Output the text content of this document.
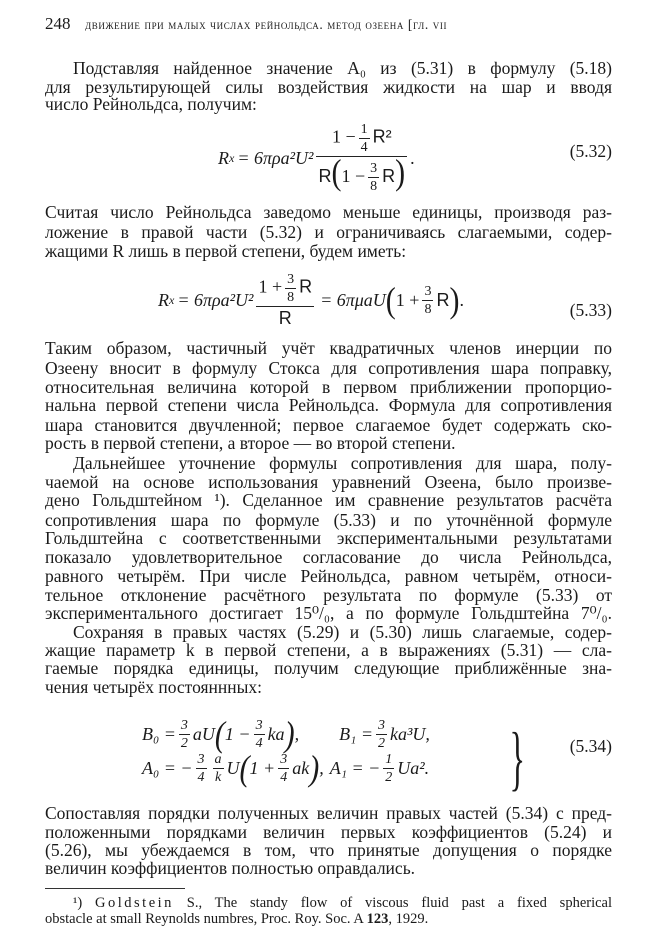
248 движение при малых числах рейнольдса. метод озеена [гл. vii
Подставляя найденное значение A₀ из (5.31) в формулу (5.18)
для результирующей силы воздействия жидкости на шар и вводя
число Рейнольдса, получим:
R $x = 6\pi\rho a^2U^2 \frac{1 - \frac{1}{4} R^2}{R(1 - \frac{3}{8} R)}$ .	(5.32)
Считая число Рейнольдса заведомо меньше единицы, производя раз-
ложение в правой части (5.32) и ограничиваясь слагаемыми, содер-
жащими R лишь в первой степени, будем иметь:
R $x = 6\pi\rho a^2U^2 \frac{1 + \frac{3}{8} R}{R} = 6\pi\mu aU$ ( $1 + \frac{3}{8}$ R ) .	(5.33)
Таким образом, частичный учёт квадратичных членов инерции по
Озеену вносит в формулу Стокса для сопротивления шара поправку,
относительная величина которой в первом приближении пропорцио-
нальна первой степени числа Рейнольдса. Формула для сопротивления
шара становится двучленной; первое слагаемое будет содержать ско-
рость в первой степени, а второе — во второй степени.
Дальнейшее уточнение формулы сопротивления для шара, полу-
чаемой на основе использования уравнений Озеена, было произве-
дено Гольдштейном ¹). Сделанное им сравнение результатов расчёта
сопротивления шара по формуле (5.33) и по уточнённой формуле
Гольдштейна с соответственными экспериментальными результатами
показало удовлетворительное согласование до числа Рейнольдса,
равного четырём. При числе Рейнольдса, равном четырём, относи-
тельное отклонение расчётного результата по формуле (5.33) от
экспериментального достигает 15⁰/₀, а по формуле Гольдштейна 7⁰/₀.
Сохраняя в правых частях (5.29) и (5.30) лишь слагаемые, содер-
жащие параметр k в первой степени, а в выражениях (5.31) — сла-
гаемые порядка единицы, получим следующие приближённые зна-
чения четырёх постояннных:
$B_0 = \frac{3}{2}$ aU ( $1 - \frac{3}{4}$ ka ) , $B_1 = \frac{3}{2} ka^3U$,
A₀ = − $\frac{3}{4} \frac{a}{k}$ U ( $1 + \frac{3}{4}$ ak ) , A₁ = − $\frac{1}{2} Ua^2$. }	(5.34)
Сопоставляя порядки полученных величин правых частей (5.34) с пред-
положенными порядками величин первых коэффициентов (5.24) и
(5.26), мы убеждаемся в том, что принятые допущения о порядке
величин коэффициентов полностью оправдались.
¹) Goldstein S., The standy flow of viscous fluid past a fixed spherical
obstacle at small Reynolds numbres, Proc. Roy. Soc. A 123, 1929.
